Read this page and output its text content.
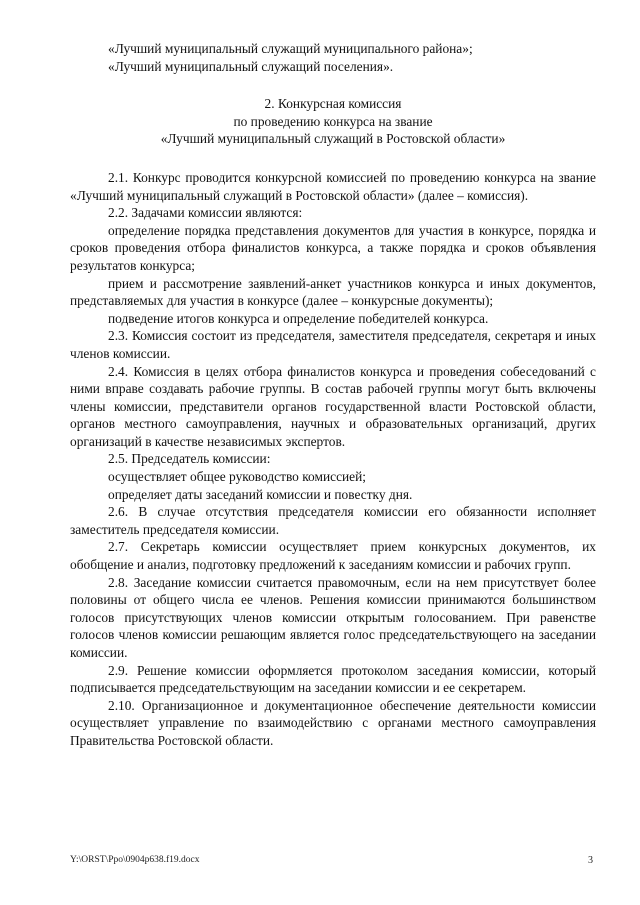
«Лучший муниципальный служащий муниципального района»;

«Лучший муниципальный служащий поселения».

2. Конкурсная комиссия
по проведению конкурса на звание
«Лучший муниципальный служащий в Ростовской области»

2.1. Конкурс проводится конкурсной комиссией по проведению конкурса на звание «Лучший муниципальный служащий в Ростовской области» (далее – комиссия).

2.2. Задачами комиссии являются:

определение порядка представления документов для участия в конкурсе, порядка и сроков проведения отбора финалистов конкурса, а также порядка и сроков объявления результатов конкурса;

прием и рассмотрение заявлений-анкет участников конкурса и иных документов, представляемых для участия в конкурсе (далее – конкурсные документы);

подведение итогов конкурса и определение победителей конкурса.

2.3. Комиссия состоит из председателя, заместителя председателя, секретаря и иных членов комиссии.

2.4. Комиссия в целях отбора финалистов конкурса и проведения собеседований с ними вправе создавать рабочие группы. В состав рабочей группы могут быть включены члены комиссии, представители органов государственной власти Ростовской области, органов местного самоуправления, научных и образовательных организаций, других организаций в качестве независимых экспертов.

2.5. Председатель комиссии:

осуществляет общее руководство комиссией;

определяет даты заседаний комиссии и повестку дня.

2.6. В случае отсутствия председателя комиссии его обязанности исполняет заместитель председателя комиссии.

2.7. Секретарь комиссии осуществляет прием конкурсных документов, их обобщение и анализ, подготовку предложений к заседаниям комиссии и рабочих групп.

2.8. Заседание комиссии считается правомочным, если на нем присутствует более половины от общего числа ее членов. Решения комиссии принимаются большинством голосов присутствующих членов комиссии открытым голосованием. При равенстве голосов членов комиссии решающим является голос председательствующего на заседании комиссии.

2.9. Решение комиссии оформляется протоколом заседания комиссии, который подписывается председательствующим на заседании комиссии и ее секретарем.

2.10. Организационное и документационное обеспечение деятельности комиссии осуществляет управление по взаимодействию с органами местного самоуправления Правительства Ростовской области.

Y:\ORST\Ppo\0904p638.f19.docx	3
